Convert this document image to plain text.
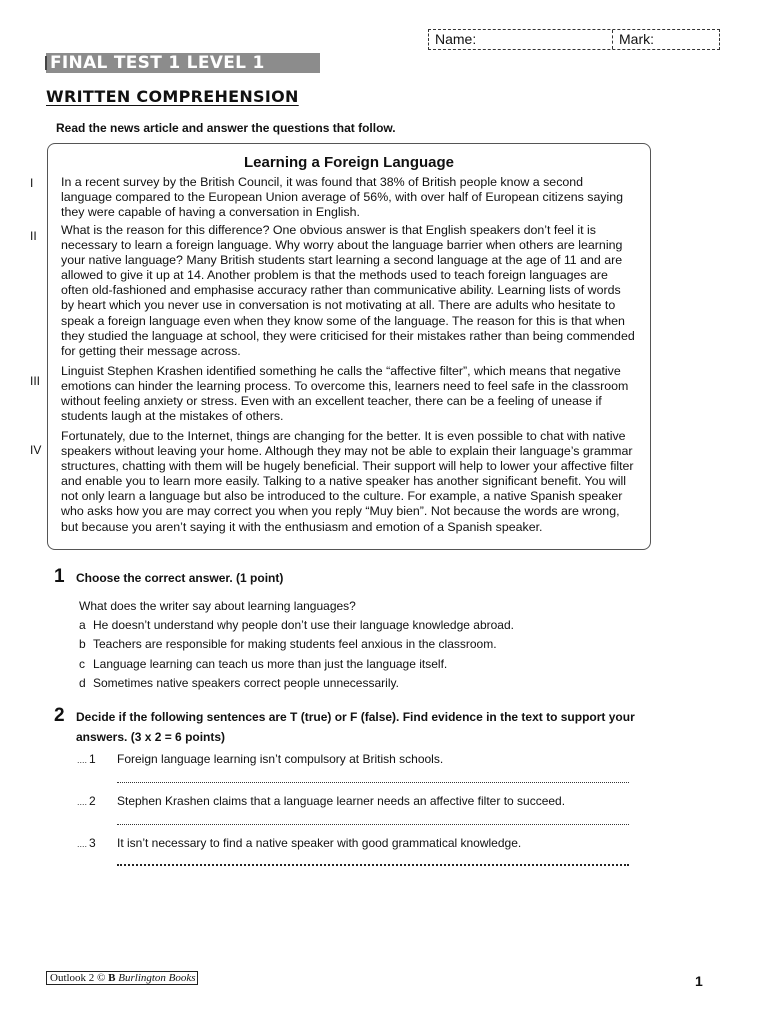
Name:	Mark:
FINAL TEST 1 LEVEL 1
WRITTEN COMPREHENSION
Read the news article and answer the questions that follow.
Learning a Foreign Language
I In a recent survey by the British Council, it was found that 38% of British people know a second language compared to the European Union average of 56%, with over half of European citizens saying they were capable of having a conversation in English.

II What is the reason for this difference? One obvious answer is that English speakers don’t feel it is necessary to learn a foreign language. Why worry about the language barrier when others are learning your native language? Many British students start learning a second language at the age of 11 and are allowed to give it up at 14. Another problem is that the methods used to teach foreign languages are often old-fashioned and emphasise accuracy rather than communicative ability. Learning lists of words by heart which you never use in conversation is not motivating at all. There are adults who hesitate to speak a foreign language even when they know some of the language. The reason for this is that when they studied the language at school, they were criticised for their mistakes rather than being commended for getting their message across.

III

Linguist Stephen Krashen identified something he calls the “affective filter”, which means that negative emotions can hinder the learning process. To overcome this, learners need to feel safe in the classroom without feeling anxiety or stress. Even with an excellent teacher, there can be a feeling of unease if students laugh at the mistakes of others.

IV

Fortunately, due to the Internet, things are changing for the better. It is even possible to chat with native speakers without leaving your home. Although they may not be able to explain their language’s grammar structures, chatting with them will be hugely beneficial. Their support will help to lower your affective filter and enable you to learn more easily. Talking to a native speaker has another significant benefit. You will not only learn a language but also be introduced to the culture. For example, a native Spanish speaker who asks how you are may correct you when you reply “Muy bien”. Not because the words are wrong, but because you aren’t saying it with the enthusiasm and emotion of a Spanish speaker.

1 Choose the correct answer. (1 point)
What does the writer say about learning languages?
a He doesn’t understand why people don’t use their language knowledge abroad.
b Teachers are responsible for making students feel anxious in the classroom.
c Language learning can teach us more than just the language itself.
d Sometimes native speakers correct people unnecessarily.
2 Decide if the following sentences are T (true) or F (false). Find evidence in the text to support your
answers. (3 x 2 = 6 points)
.... 1 Foreign language learning isn’t compulsory at British schools.
.... 2 Stephen Krashen claims that a language learner needs an affective filter to succeed.
.... 3 It isn’t necessary to find a native speaker with good grammatical knowledge.
Outlook 2 © B Burlington Books	1
